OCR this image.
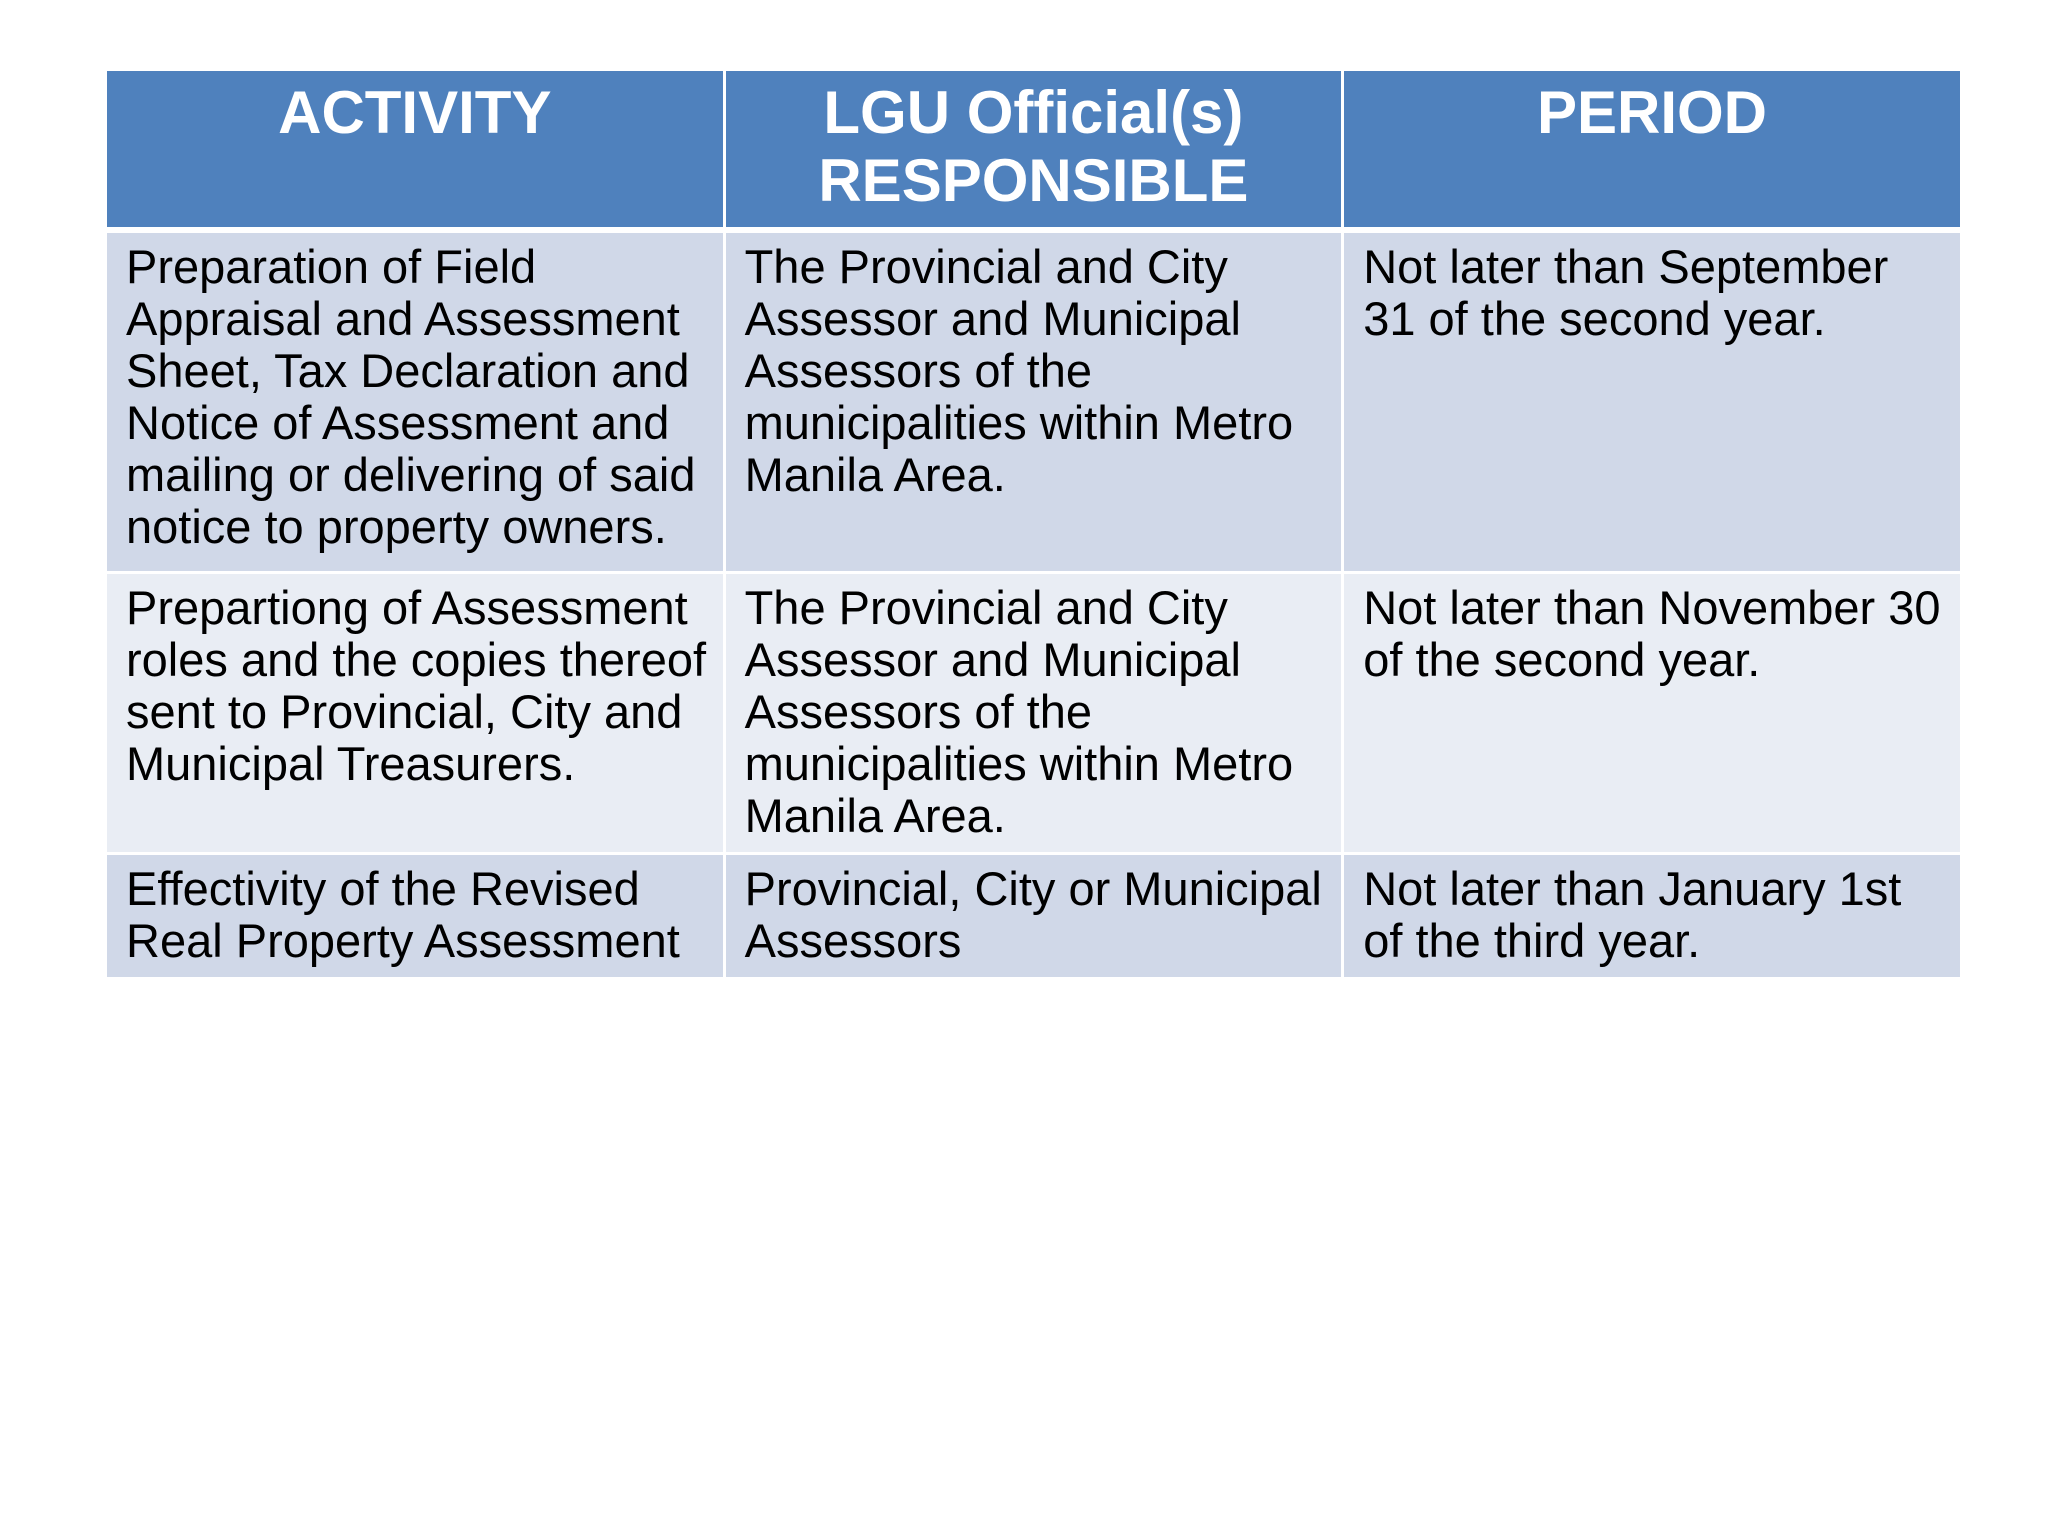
ACTIVITY	LGU Official(s) RESPONSIBLE	PERIOD
Preparation of Field Appraisal and Assessment Sheet, Tax Declaration and Notice of Assessment and mailing or delivering of said notice to property owners.	The Provincial and City Assessor and Municipal Assessors of the municipalities within Metro Manila Area.	Not later than September 31 of the second year.
Prepartiong of Assessment roles and the copies thereof sent to Provincial, City and Municipal Treasurers.	The Provincial and City Assessor and Municipal Assessors of the municipalities within Metro Manila Area.	Not later than November 30 of the second year.
Effectivity of the Revised Real Property Assessment	Provincial, City or Municipal Assessors	Not later than January 1st of the third year.
